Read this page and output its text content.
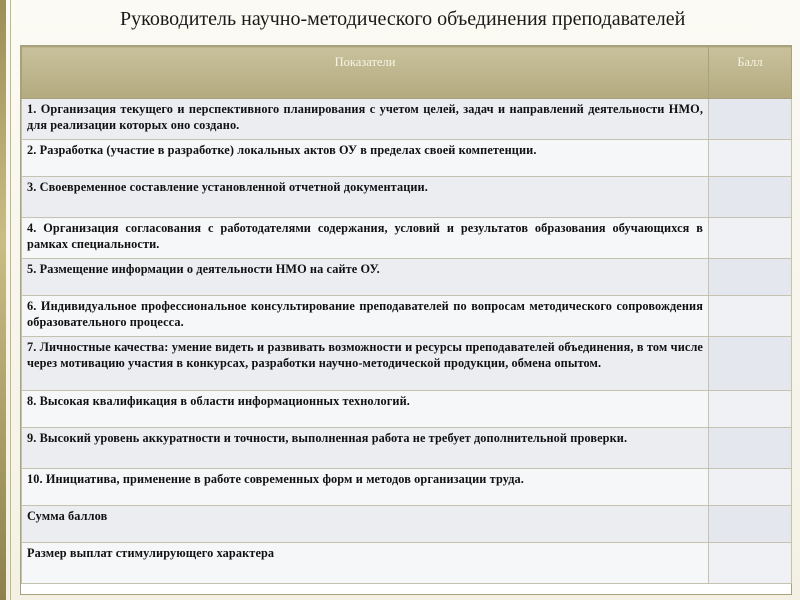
Руководитель научно-методического объединения преподавателей
Показатели	Балл
1. Организация текущего и перспективного планирования с учетом целей, задач и направлений деятельности НМО, для реализации которых оно создано.	
2. Разработка (участие в разработке) локальных актов ОУ в пределах своей компетенции.	
3. Своевременное составление установленной отчетной документации.	
4. Организация согласования с работодателями содержания, условий и результатов образования обучающихся в рамках специальности.	
5. Размещение информации о деятельности НМО на сайте ОУ.	
6. Индивидуальное профессиональное консультирование преподавателей по вопросам методического сопровождения образовательного процесса.	
7. Личностные качества: умение видеть и развивать возможности и ресурсы преподавателей объединения, в том числе через мотивацию участия в конкурсах, разработки научно-методической продукции, обмена опытом.	
8. Высокая квалификация в области информационных технологий.	
9. Высокий уровень аккуратности и точности, выполненная работа не требует дополнительной проверки.	
10. Инициатива, применение в работе современных форм и методов организации труда.	
Сумма баллов	
Размер выплат стимулирующего характера	
